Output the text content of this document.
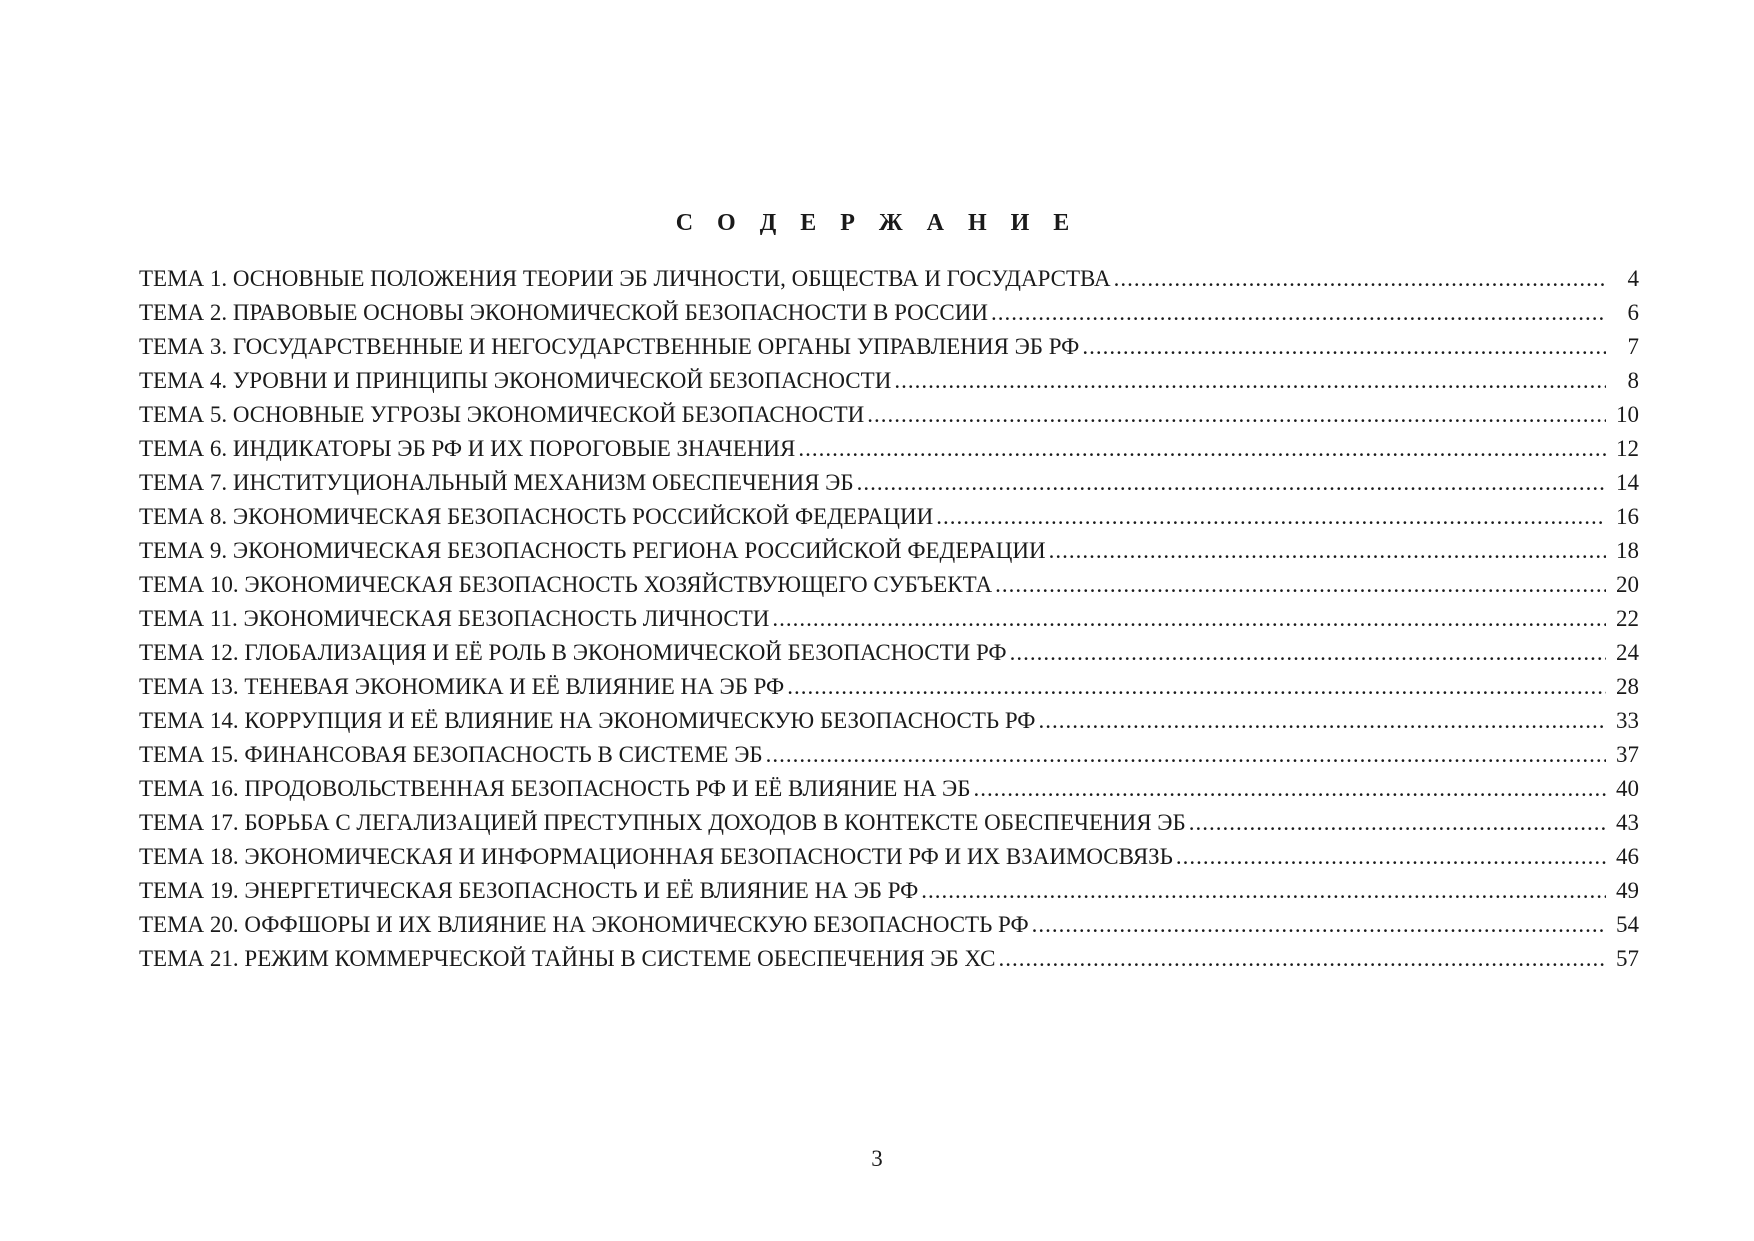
С О Д Е Р Ж А Н И Е
ТЕМА 1. ОСНОВНЫЕ ПОЛОЖЕНИЯ ТЕОРИИ ЭБ ЛИЧНОСТИ, ОБЩЕСТВА И ГОСУДАРСТВА .....	4
ТЕМА 2. ПРАВОВЫЕ ОСНОВЫ ЭКОНОМИЧЕСКОЙ БЕЗОПАСНОСТИ В РОССИИ .....	6
ТЕМА 3. ГОСУДАРСТВЕННЫЕ И НЕГОСУДАРСТВЕННЫЕ ОРГАНЫ УПРАВЛЕНИЯ ЭБ РФ .....	7
ТЕМА 4. УРОВНИ И ПРИНЦИПЫ ЭКОНОМИЧЕСКОЙ БЕЗОПАСНОСТИ .....	8
ТЕМА 5. ОСНОВНЫЕ УГРОЗЫ ЭКОНОМИЧЕСКОЙ БЕЗОПАСНОСТИ .....	10
ТЕМА 6. ИНДИКАТОРЫ ЭБ РФ И ИХ ПОРОГОВЫЕ ЗНАЧЕНИЯ .....	12
ТЕМА 7. ИНСТИТУЦИОНАЛЬНЫЙ МЕХАНИЗМ ОБЕСПЕЧЕНИЯ ЭБ .....	14
ТЕМА 8. ЭКОНОМИЧЕСКАЯ БЕЗОПАСНОСТЬ РОССИЙСКОЙ ФЕДЕРАЦИИ .....	16
ТЕМА 9. ЭКОНОМИЧЕСКАЯ БЕЗОПАСНОСТЬ РЕГИОНА РОССИЙСКОЙ ФЕДЕРАЦИИ .....	18
ТЕМА 10. ЭКОНОМИЧЕСКАЯ БЕЗОПАСНОСТЬ ХОЗЯЙСТВУЮЩЕГО СУБЪЕКТА .....	20
ТЕМА 11. ЭКОНОМИЧЕСКАЯ БЕЗОПАСНОСТЬ ЛИЧНОСТИ .....	22
ТЕМА 12. ГЛОБАЛИЗАЦИЯ И ЕЁ РОЛЬ В ЭКОНОМИЧЕСКОЙ БЕЗОПАСНОСТИ РФ .....	24
ТЕМА 13. ТЕНЕВАЯ ЭКОНОМИКА И ЕЁ ВЛИЯНИЕ НА ЭБ РФ .....	28
ТЕМА 14. КОРРУПЦИЯ И ЕЁ ВЛИЯНИЕ НА ЭКОНОМИЧЕСКУЮ БЕЗОПАСНОСТЬ РФ .....	33
ТЕМА 15. ФИНАНСОВАЯ БЕЗОПАСНОСТЬ В СИСТЕМЕ ЭБ .....	37
ТЕМА 16. ПРОДОВОЛЬСТВЕННАЯ БЕЗОПАСНОСТЬ РФ И ЕЁ ВЛИЯНИЕ НА ЭБ .....	40
ТЕМА 17. БОРЬБА С ЛЕГАЛИЗАЦИЕЙ ПРЕСТУПНЫХ ДОХОДОВ В КОНТЕКСТЕ ОБЕСПЕЧЕНИЯ ЭБ .....	43
ТЕМА 18. ЭКОНОМИЧЕСКАЯ И ИНФОРМАЦИОННАЯ БЕЗОПАСНОСТИ РФ И ИХ ВЗАИМОСВЯЗЬ .....	46
ТЕМА 19. ЭНЕРГЕТИЧЕСКАЯ БЕЗОПАСНОСТЬ И ЕЁ ВЛИЯНИЕ НА ЭБ РФ .....	49
ТЕМА 20. ОФФШОРЫ И ИХ ВЛИЯНИЕ НА ЭКОНОМИЧЕСКУЮ БЕЗОПАСНОСТЬ РФ .....	54
ТЕМА 21. РЕЖИМ КОММЕРЧЕСКОЙ ТАЙНЫ В СИСТЕМЕ ОБЕСПЕЧЕНИЯ ЭБ ХС .....	57
3
